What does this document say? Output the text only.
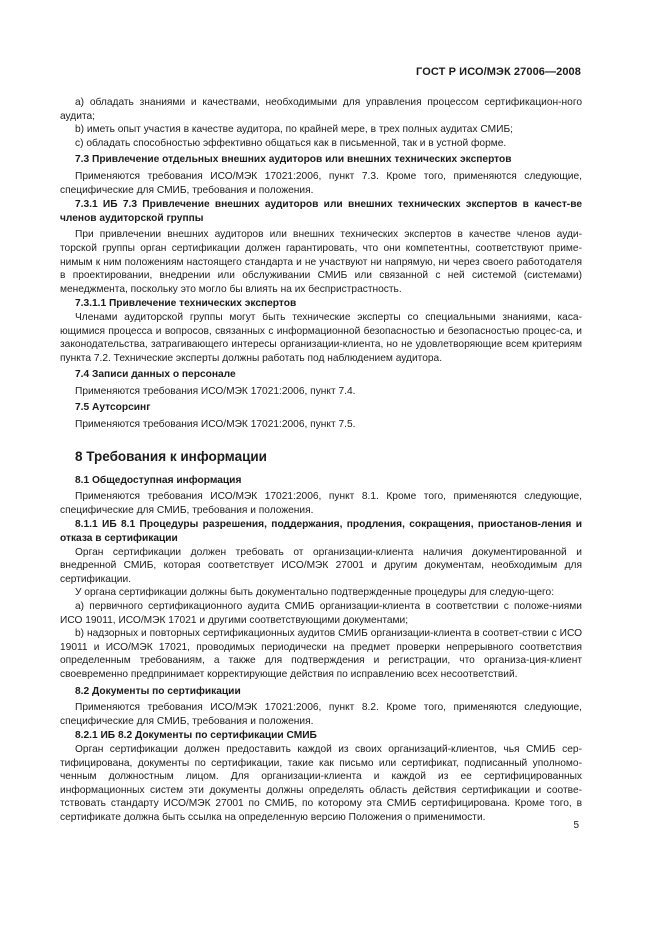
ГОСТ Р ИСО/МЭК 27006—2008

a) обладать знаниями и качествами, необходимыми для управления процессом сертификацион-ного аудита;

b) иметь опыт участия в качестве аудитора, по крайней мере, в трех полных аудитах СМИБ;

c) обладать способностью эффективно общаться как в письменной, так и в устной форме.

7.3 Привлечение отдельных внешних аудиторов или внешних технических экспертов

Применяются требования ИСО/МЭК 17021:2006, пункт 7.3. Кроме того, применяются следующие, специфические для СМИБ, требования и положения.

7.3.1 ИБ 7.3 Привлечение внешних аудиторов или внешних технических экспертов в качест-ве членов аудиторской группы

При привлечении внешних аудиторов или внешних технических экспертов в качестве членов ауди-торской группы орган сертификации должен гарантировать, что они компетентны, соответствуют приме-нимым к ним положениям настоящего стандарта и не участвуют ни напрямую, ни через своего работодателя в проектировании, внедрении или обслуживании СМИБ или связанной с ней системой (системами) менеджмента, поскольку это могло бы влиять на их беспристрастность.

7.3.1.1 Привлечение технических экспертов

Членами аудиторской группы могут быть технические эксперты со специальными знаниями, каса-ющимися процесса и вопросов, связанных с информационной безопасностью и безопасностью процес-са, и законодательства, затрагивающего интересы организации-клиента, но не удовлетворяющие всем критериям пункта 7.2. Технические эксперты должны работать под наблюдением аудитора.

7.4 Записи данных о персонале

Применяются требования ИСО/МЭК 17021:2006, пункт 7.4.

7.5 Аутсорсинг

Применяются требования ИСО/МЭК 17021:2006, пункт 7.5.

8 Требования к информации

8.1 Общедоступная информация

Применяются требования ИСО/МЭК 17021:2006, пункт 8.1. Кроме того, применяются следующие, специфические для СМИБ, требования и положения.

8.1.1 ИБ 8.1 Процедуры разрешения, поддержания, продления, сокращения, приостанов-ления и отказа в сертификации

Орган сертификации должен требовать от организации-клиента наличия документированной и внедренной СМИБ, которая соответствует ИСО/МЭК 27001 и другим документам, необходимым для сертификации.

У органа сертификации должны быть документально подтвержденные процедуры для следую-щего:

a) первичного сертификационного аудита СМИБ организации-клиента в соответствии с положе-ниями ИСО 19011, ИСО/МЭК 17021 и другими соответствующими документами;

b) надзорных и повторных сертификационных аудитов СМИБ организации-клиента в соответ-ствии с ИСО 19011 и ИСО/МЭК 17021, проводимых периодически на предмет проверки непрерывного соответствия определенным требованиям, а также для подтверждения и регистрации, что организа-ция-клиент своевременно предпринимает корректирующие действия по исправлению всех несоответствий.

8.2 Документы по сертификации

Применяются требования ИСО/МЭК 17021:2006, пункт 8.2. Кроме того, применяются следующие, специфические для СМИБ, требования и положения.

8.2.1 ИБ 8.2 Документы по сертификации СМИБ

Орган сертификации должен предоставить каждой из своих организаций-клиентов, чья СМИБ сер-тифицирована, документы по сертификации, такие как письмо или сертификат, подписанный уполномо-ченным должностным лицом. Для организации-клиента и каждой из ее сертифицированных информационных систем эти документы должны определять область действия сертификации и соотве-тствовать стандарту ИСО/МЭК 27001 по СМИБ, по которому эта СМИБ сертифицирована. Кроме того, в сертификате должна быть ссылка на определенную версию Положения о применимости.

5
